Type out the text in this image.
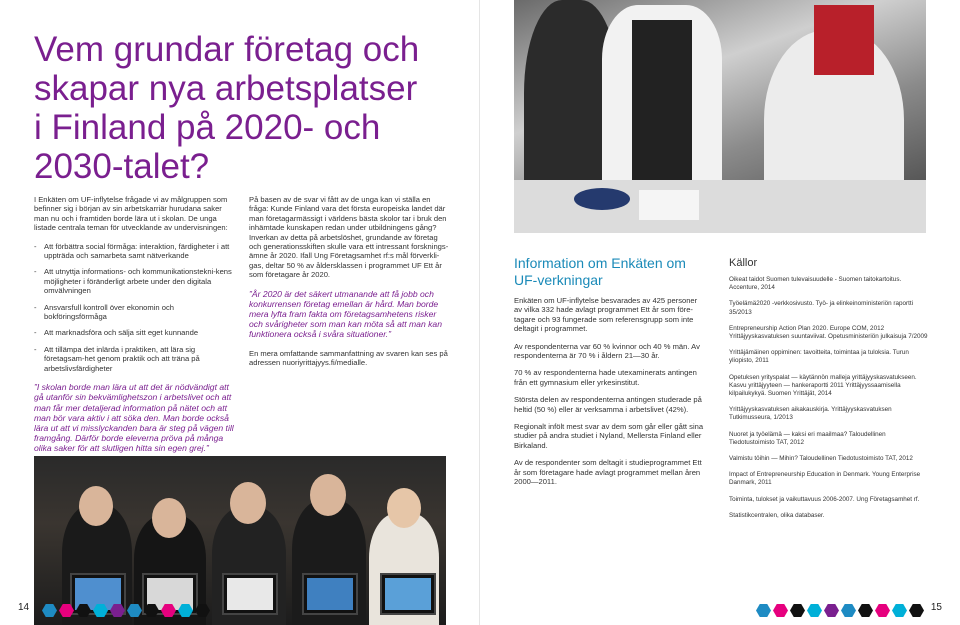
Vem grundar företag och
skapar nya arbetsplatser
i Finland på 2020- och
2030-talet?

I Enkäten om UF-inflytelse frågade vi av målgruppen som befinner sig i början av sin arbetskarriär hurudana saker man nu och i framtiden borde lära ut i skolan. De unga listade centrala teman för utvecklande av undervisningen:

- Att förbättra social förmåga: interaktion, färdigheter i att uppträda och samarbeta samt nätverkande
- Att utnyttja informations- och kommunikationstekni-kens möjligheter i föränderligt arbete under den digitala omvälvningen
- Ansvarsfull kontroll över ekonomin och bokföringsförmåga
- Att marknadsföra och sälja sitt eget kunnande
- Att tillämpa det inlärda i praktiken, att lära sig företagsam-het genom praktik och att träna på arbetslivsfärdigheter

”I skolan borde man lära ut att det är nödvändigt att gå utanför sin bekvämlighetszon i arbetslivet och att man får mer detaljerad information på nätet och att man bör vara aktiv i att söka den. Man borde också lära ut att vi misslyckanden bara är steg på vägen till framgång. Därför borde eleverna pröva på många olika saker för att slutligen hitta sin egen grej.”

På basen av de svar vi fått av de unga kan vi ställa en fråga: Kunde Finland vara det första europeiska landet där man företagarmässigt i världens bästa skolor tar i bruk den inhämtade kunskapen redan under utbildningens gång? Inverkan av detta på arbetslöshet, grundande av företag och generationsskiften skulle vara ett intressant forsknings-ämne år 2020. Ifall Ung Företagsamhet rf:s mål förverkli-gas, deltar 50 % av åldersklassen i programmet UF Ett år som företagare år 2020.

”År 2020 är det säkert utmanande att få jobb och konkurrensen företag emellan är hård. Man borde mera lyfta fram fakta om företagsamhetens risker och svårigheter som man kan möta så att man kan funktionera också i svåra situationer.”

En mera omfattande sammanfattning av svaren kan ses på adressen nuoriyrittajyys.fi/medialle.

14
Information om Enkäten om UF-verkningar

Enkäten om UF-inflytelse besvarades av 425 personer av vilka 332 hade avlagt programmet Ett år som före-tagare och 93 fungerade som referensgrupp som inte deltagit i programmet.

Av respondenterna var 60 % kvinnor och 40 % män. Av respondenterna är 70 % i åldern 21—30 år.

70 % av respondenterna hade utexaminerats antingen från ett gymnasium eller yrkesinstitut.

Största delen av respondenterna antingen studerade på heltid (50 %) eller är verksamma i arbetslivet (42%).

Regionalt infölt mest svar av dem som går eller gått sina studier på andra studiet i Nyland, Mellersta Finland eller Birkaland.

Av de respondenter som deltagit i studieprogrammet Ett år som företagare hade avlagt programmet mellan åren 2000—2011.

Källor

Oikeat taidot Suomen tulevaisuudelle - Suomen taitokartoitus. Accenture, 2014

Työelämä2020 -verkkosivusto. Työ- ja elinkeinoministeriön raportti 35/2013

Entrepreneurship Action Plan 2020. Europe COM, 2012 Yrittäjyyskasvatuksen suuntaviivat. Opetusministeriön julkaisuja 7/2009

Yrittäjämäinen oppiminen: tavoitteita, toimintaa ja tuloksia. Turun yliopisto, 2011

Opetuksen yrityspalat — käytännön malleja yrittäjyyskasvatukseen. Kasvu yrittäjyyteen — hankeraportti 2011 Yrittäjyyssaamisella kilpailukykyä. Suomen Yrittäjät, 2014

Yrittäjyyskasvatuksen aikakauskirja. Yrittäjyyskasvatuksen Tutkimusseura, 1/2013

Nuoret ja työelämä — kaksi eri maailmaa? Taloudellinen Tiedotustoimisto TAT, 2012

Valmistu töihin — Mihin? Taloudellinen Tiedotustoimisto TAT, 2012

Impact of Entrepreneurship Education in Denmark. Young Enterprise Danmark, 2011

Toiminta, tulokset ja vaikuttavuus 2006-2007. Ung Företagsamhet rf.

Statistikcentralen, olika databaser.

15
